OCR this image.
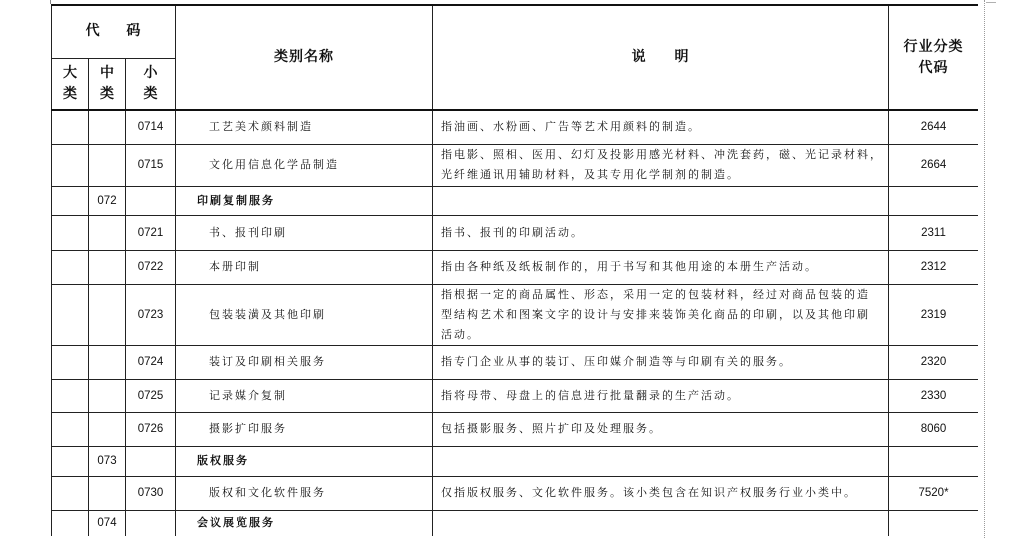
代 码			类别名称	说 明	行业分类
代码

大类	中类	小类			
		0714	工艺美术颜料制造	指油画、水粉画、广告等艺术用颜料的制造。	2644
		0715	文化用信息化学品制造	指电影、照相、医用、幻灯及投影用感光材料、冲洗套药，磁、光记录材料，
光纤维通讯用辅助材料，及其专用化学制剂的制造。	2664
	072		印刷复制服务		
		0721	书、报刊印刷	指书、报刊的印刷活动。	2311
		0722	本册印制	指由各种纸及纸板制作的，用于书写和其他用途的本册生产活动。	2312
		0723	包装装潢及其他印刷	指根据一定的商品属性、形态，采用一定的包装材料，经过对商品包装的造
型结构艺术和图案文字的设计与安排来装饰美化商品的印刷，以及其他印刷
活动。	2319
		0724	装订及印刷相关服务	指专门企业从事的装订、压印媒介制造等与印刷有关的服务。	2320
		0725	记录媒介复制	指将母带、母盘上的信息进行批量翻录的生产活动。	2330
		0726	摄影扩印服务	包括摄影服务、照片扩印及处理服务。	8060
	073		版权服务		
		0730	版权和文化软件服务	仅指版权服务、文化软件服务。该小类包含在知识产权服务行业小类中。	7520*
	074		会议展览服务		
